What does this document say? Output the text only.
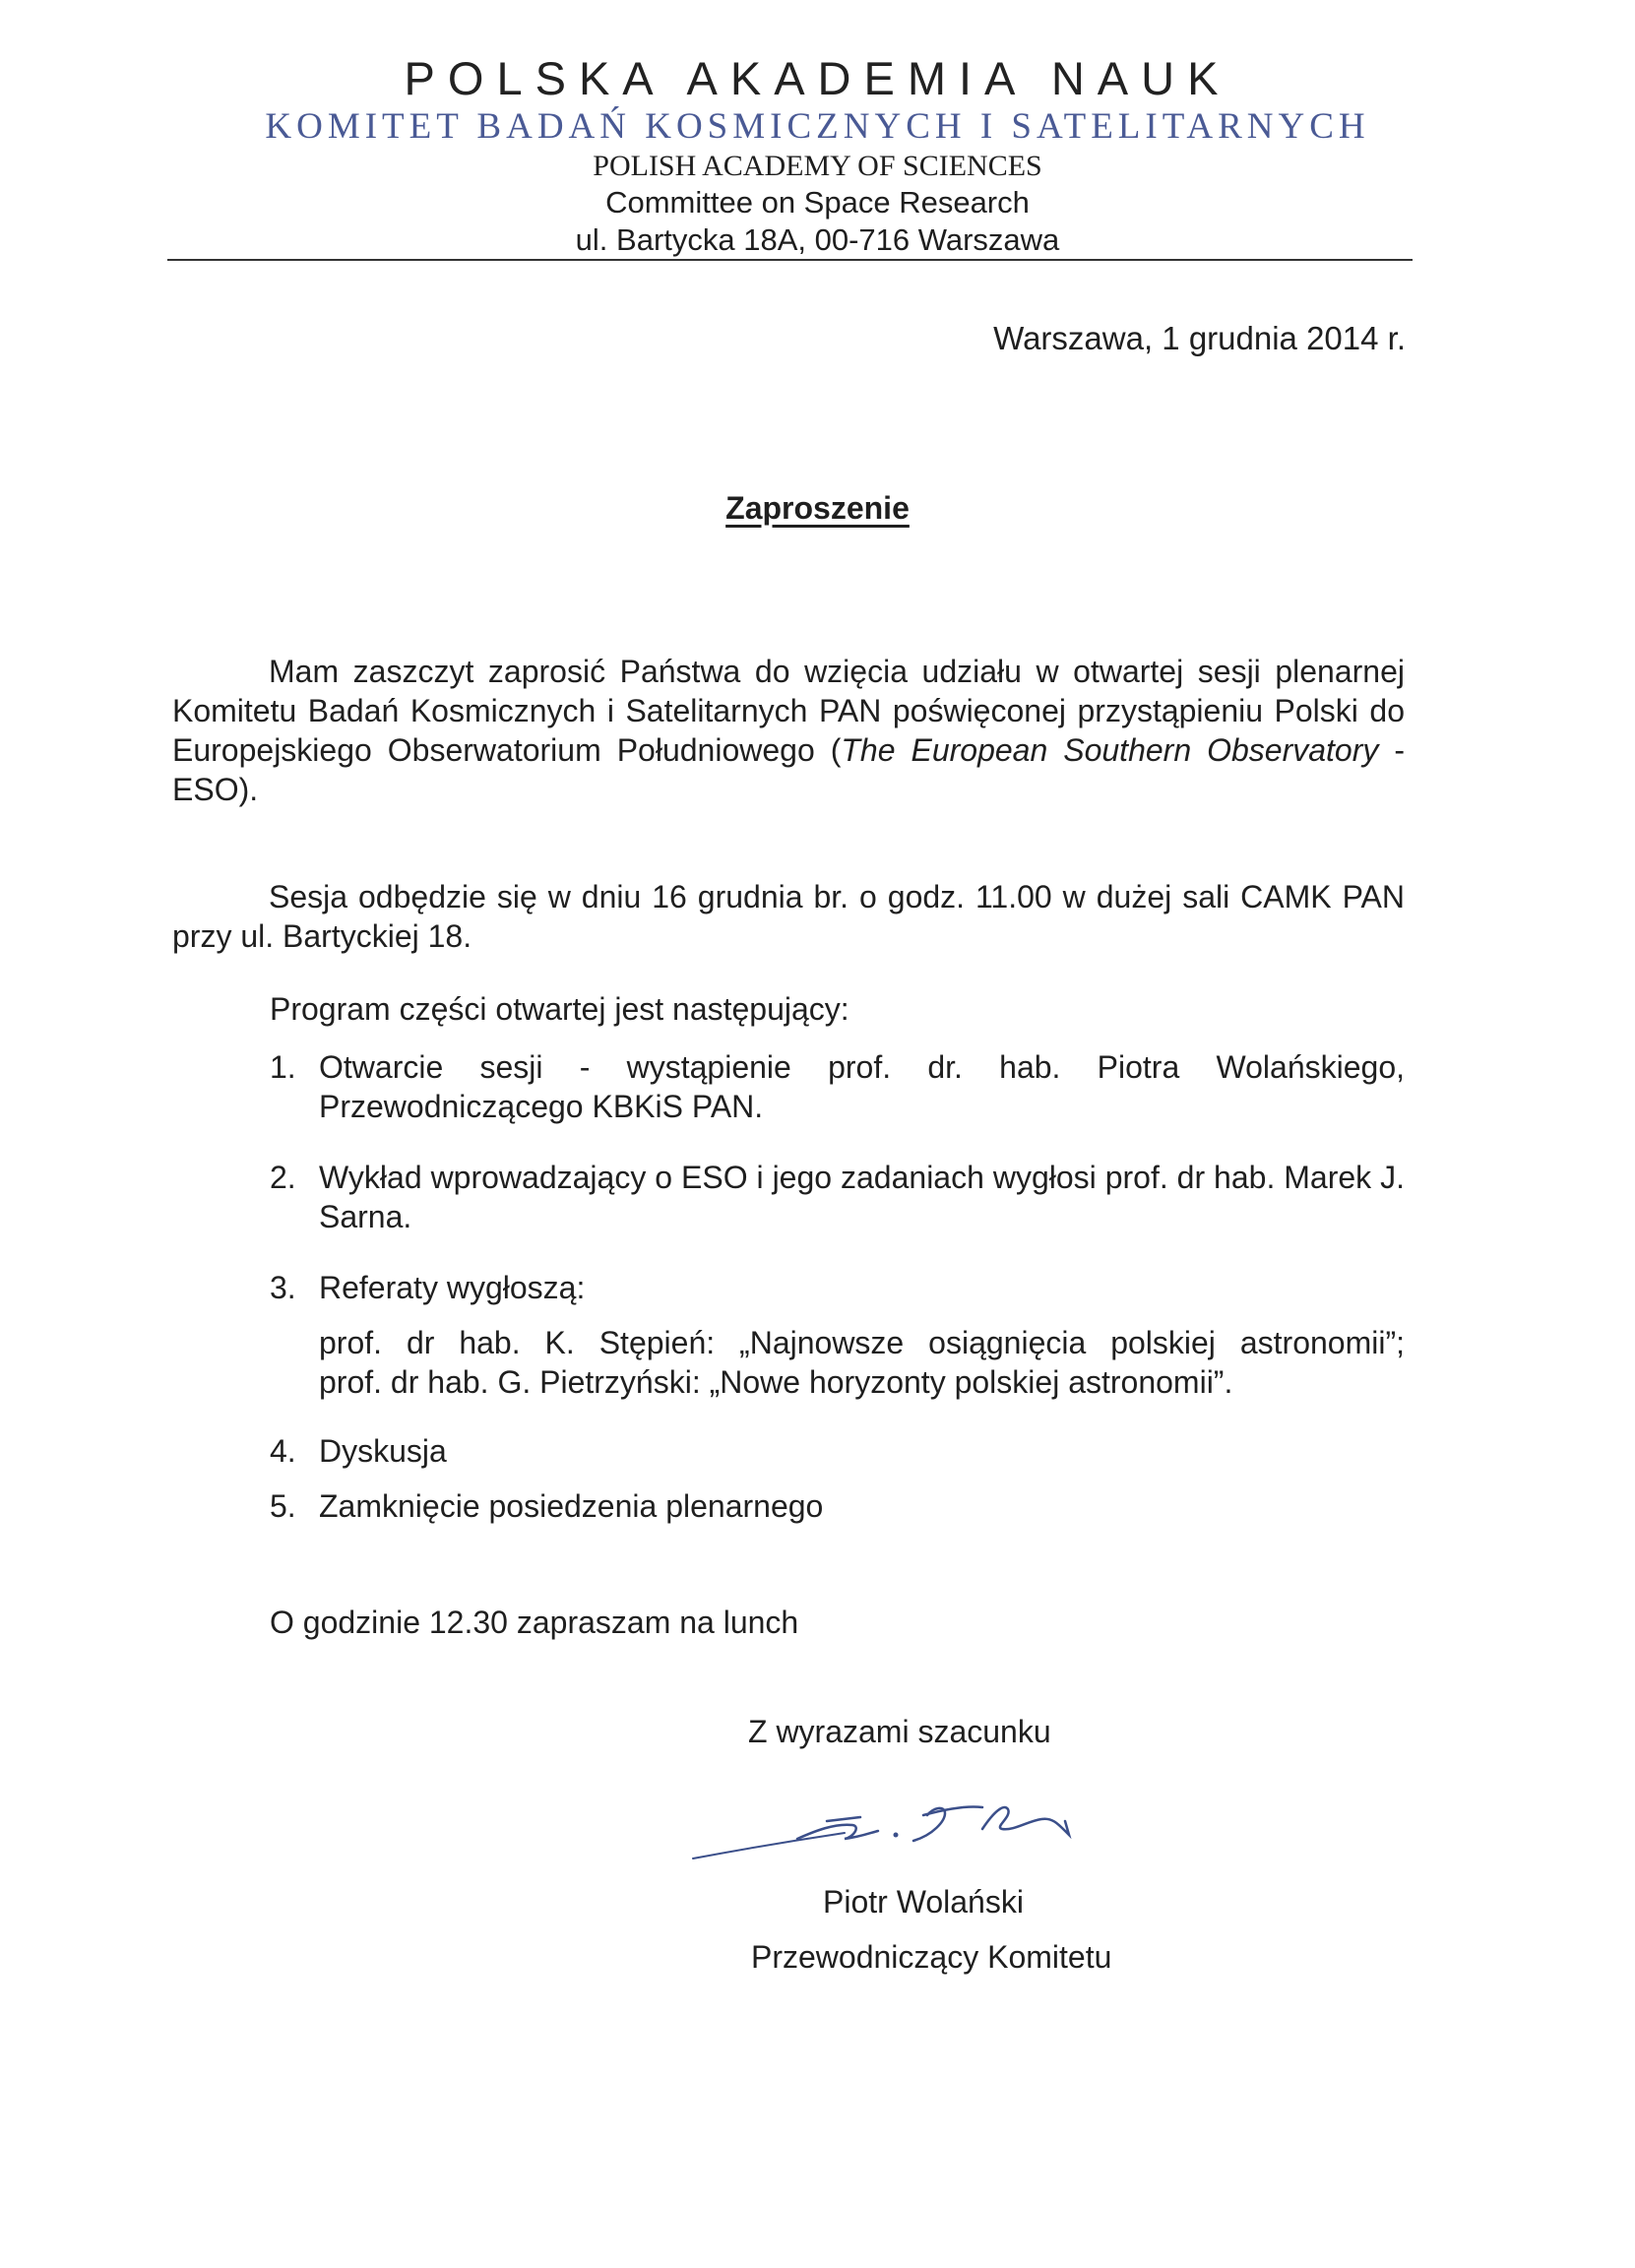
POLSKA AKADEMIA NAUK
KOMITET BADAŃ KOSMICZNYCH I SATELITARNYCH
POLISH ACADEMY OF SCIENCES
Committee on Space Research
ul. Bartycka 18A, 00-716 Warszawa
Warszawa, 1 grudnia 2014 r.
Zaproszenie
Mam zaszczyt zaprosić Państwa do wzięcia udziału w otwartej sesji plenarnej Komitetu Badań Kosmicznych i Satelitarnych PAN poświęconej przystąpieniu Polski do Europejskiego Obserwatorium Południowego (The European Southern Observatory - ESO).
Sesja odbędzie się w dniu 16 grudnia br. o godz. 11.00 w dużej sali CAMK PAN przy ul. Bartyckiej 18.
Program części otwartej jest następujący:
1. Otwarcie sesji - wystąpienie prof. dr. hab. Piotra Wolańskiego, Przewodniczącego KBKiS PAN.
2. Wykład wprowadzający o ESO i jego zadaniach wygłosi prof. dr hab. Marek J. Sarna.
3. Referaty wygłoszą:
prof. dr hab. K. Stępień: „Najnowsze osiągnięcia polskiej astronomii”;
prof. dr hab. G. Pietrzyński: „Nowe horyzonty polskiej astronomii”.
4. Dyskusja
5. Zamknięcie posiedzenia plenarnego
O godzinie 12.30 zapraszam na lunch
Z wyrazami szacunku
Piotr Wolański
Przewodniczący Komitetu
